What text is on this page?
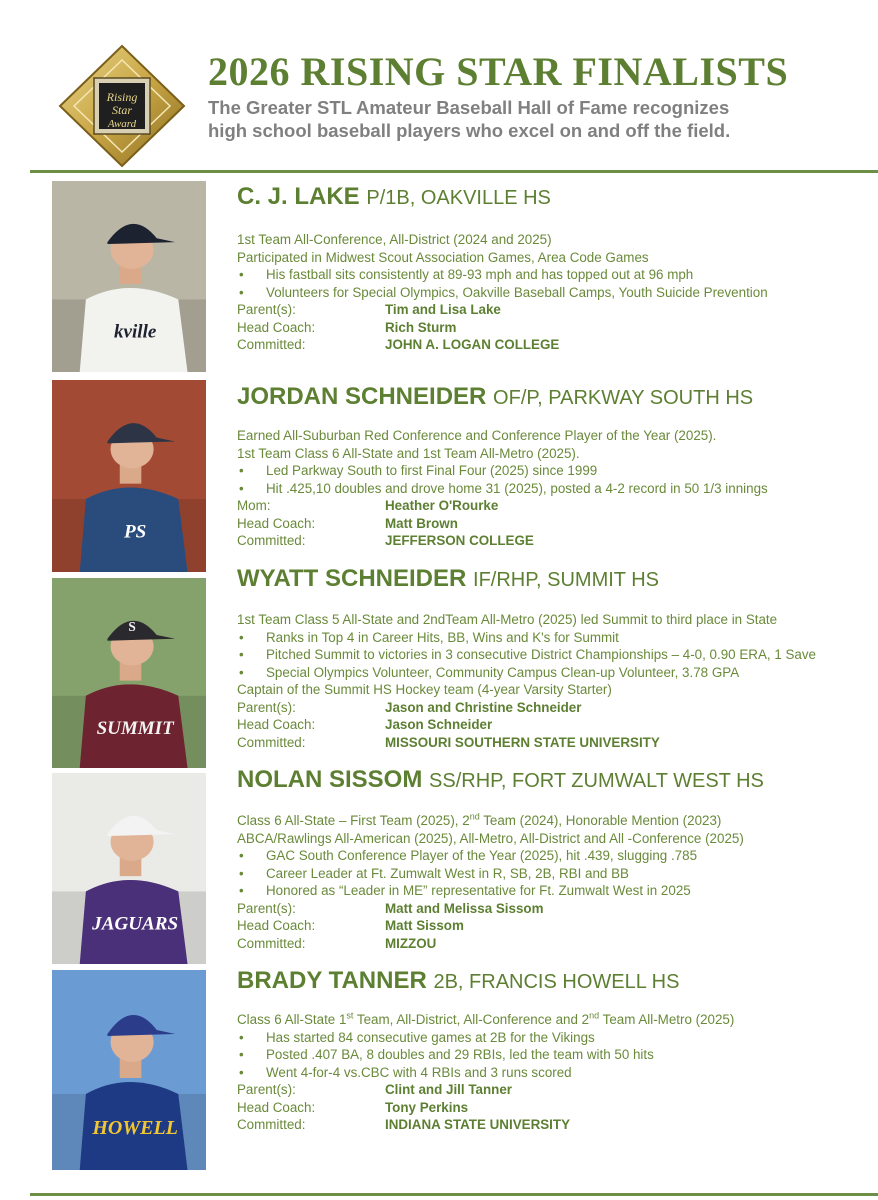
Rising
Star
Award
2026 RISING STAR FINALISTS
The Greater STL Amateur Baseball Hall of Fame recognizes
high school baseball players who excel on and off the field.
O
kville
PS
S
SUMMIT
JAGUARS
HOWELL
C. J. LAKE P/1B, OAKVILLE HS
1st Team All-Conference, All-District (2024 and 2025)
Participated in Midwest Scout Association Games, Area Code Games
• His fastball sits consistently at 89-93 mph and has topped out at 96 mph
• Volunteers for Special Olympics, Oakville Baseball Camps, Youth Suicide Prevention
Parent(s):	Tim and Lisa Lake
Head Coach:	Rich Sturm
Committed:	JOHN A. LOGAN COLLEGE
JORDAN SCHNEIDER OF/P, PARKWAY SOUTH HS
Earned All-Suburban Red Conference and Conference Player of the Year (2025).
1st Team Class 6 All-State and 1st Team All-Metro (2025).
• Led Parkway South to first Final Four (2025) since 1999
• Hit .425,10 doubles and drove home 31 (2025), posted a 4-2 record in 50 1/3 innings
Mom:	Heather O'Rourke
Head Coach:	Matt Brown
Committed:	JEFFERSON COLLEGE
WYATT SCHNEIDER IF/RHP, SUMMIT HS
1st Team Class 5 All-State and 2ndTeam All-Metro (2025) led Summit to third place in State
• Ranks in Top 4 in Career Hits, BB, Wins and K's for Summit
• Pitched Summit to victories in 3 consecutive District Championships – 4-0, 0.90 ERA, 1 Save
• Special Olympics Volunteer, Community Campus Clean-up Volunteer, 3.78 GPA
Captain of the Summit HS Hockey team (4-year Varsity Starter)
Parent(s):	Jason and Christine Schneider
Head Coach:	Jason Schneider
Committed:	MISSOURI SOUTHERN STATE UNIVERSITY
NOLAN SISSOM SS/RHP, FORT ZUMWALT WEST HS
Class 6 All-State – First Team (2025), 2nd Team (2024), Honorable Mention (2023)
ABCA/Rawlings All-American (2025), All-Metro, All-District and All -Conference (2025)
• GAC South Conference Player of the Year (2025), hit .439, slugging .785
• Career Leader at Ft. Zumwalt West in R, SB, 2B, RBI and BB
• Honored as “Leader in ME” representative for Ft. Zumwalt West in 2025
Parent(s):	Matt and Melissa Sissom
Head Coach:	Matt Sissom
Committed:	MIZZOU
BRADY TANNER 2B, FRANCIS HOWELL HS
Class 6 All-State 1st Team, All-District, All-Conference and 2nd Team All-Metro (2025)
• Has started 84 consecutive games at 2B for the Vikings
• Posted .407 BA, 8 doubles and 29 RBIs, led the team with 50 hits
• Went 4-for-4 vs.CBC with 4 RBIs and 3 runs scored
Parent(s):	Clint and Jill Tanner
Head Coach:	Tony Perkins
Committed:	INDIANA STATE UNIVERSITY
